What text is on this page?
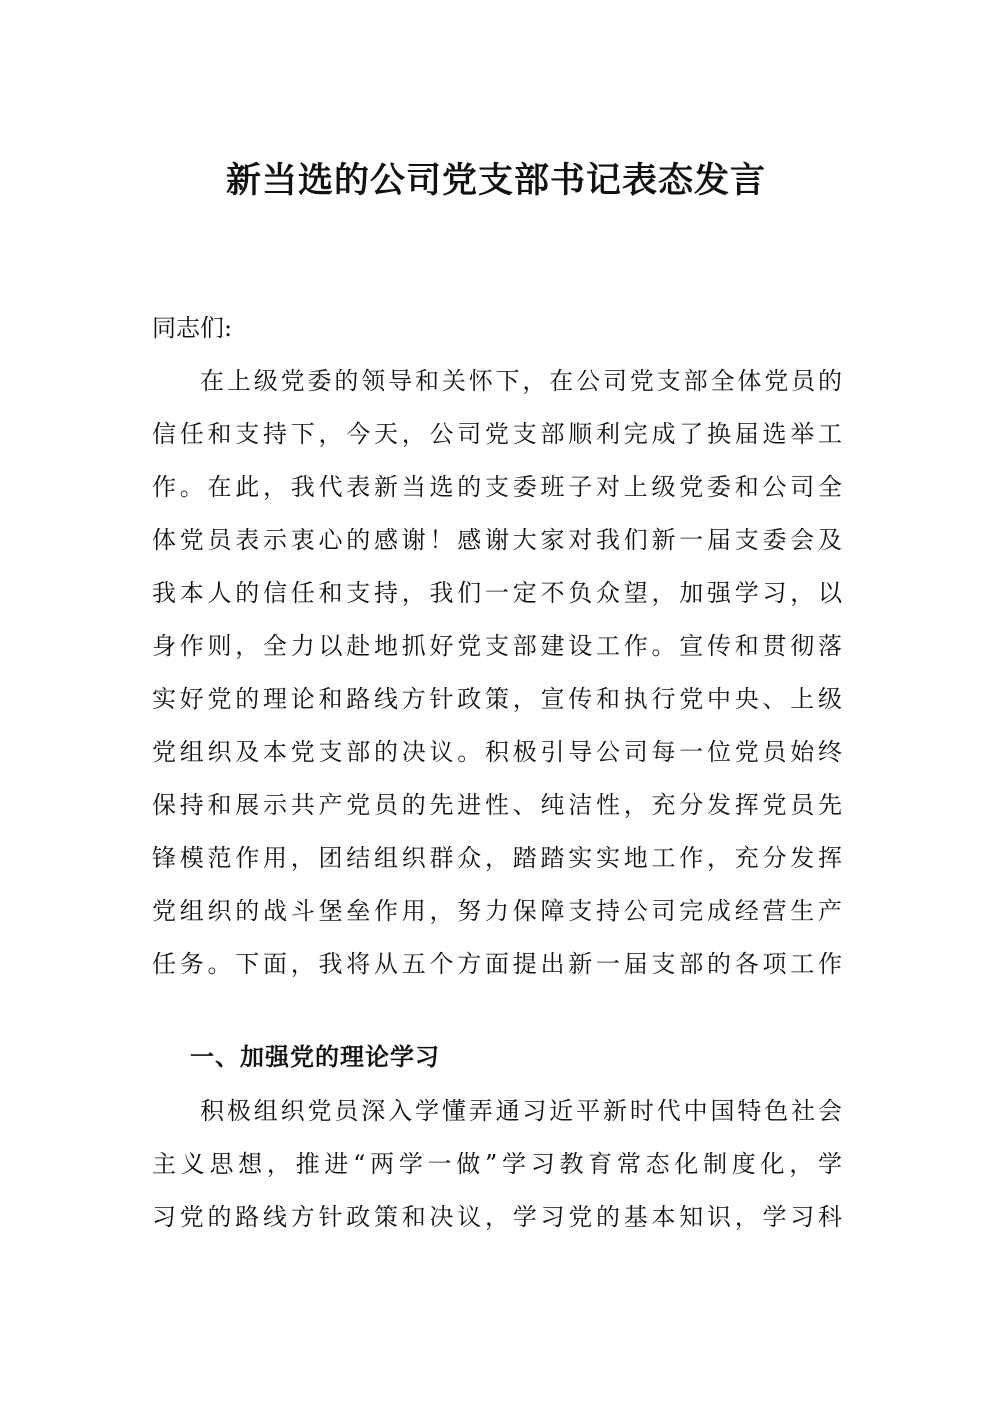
新当选的公司党支部书记表态发言
同志们:
在上级党委的领导和关怀下，在公司党支部全体党员的
信任和支持下，今天，公司党支部顺利完成了换届选举工
作。在此，我代表新当选的支委班子对上级党委和公司全
体党员表示衷心的感谢！感谢大家对我们新一届支委会及
我本人的信任和支持，我们一定不负众望，加强学习，以
身作则，全力以赴地抓好党支部建设工作。宣传和贯彻落
实好党的理论和路线方针政策，宣传和执行党中央、上级
党组织及本党支部的决议。积极引导公司每一位党员始终
保持和展示共产党员的先进性、纯洁性，充分发挥党员先
锋模范作用，团结组织群众，踏踏实实地工作，充分发挥
党组织的战斗堡垒作用，努力保障支持公司完成经营生产
任务。下面，我将从五个方面提出新一届支部的各项工作
一、加强党的理论学习
积极组织党员深入学懂弄通习近平新时代中国特色社会
主义思想，推进“两学一做”学习教育常态化制度化，学
习党的路线方针政策和决议，学习党的基本知识，学习科
